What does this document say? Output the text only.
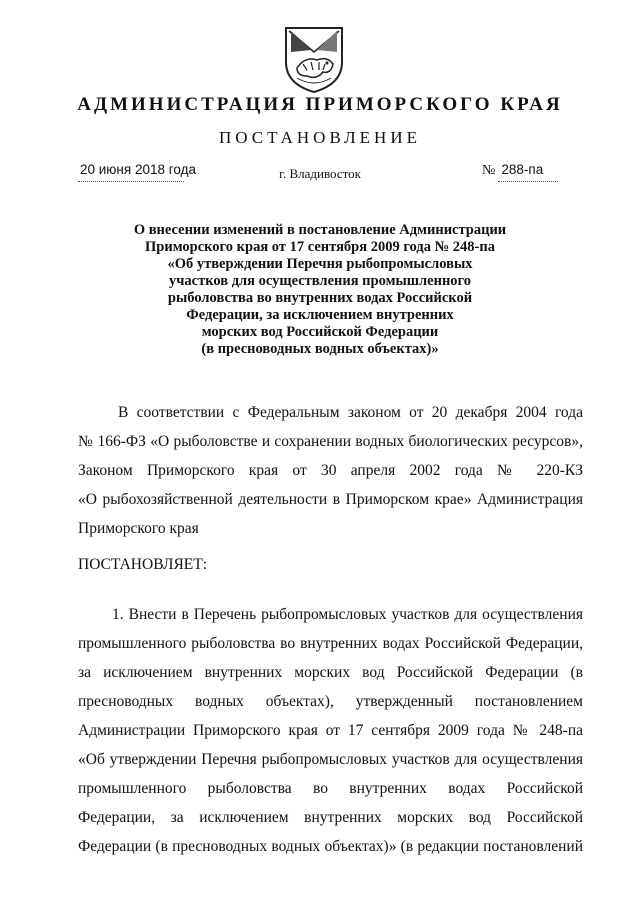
АДМИНИСТРАЦИЯ ПРИМОРСКОГО КРАЯ
ПОСТАНОВЛЕНИЕ
20 июня 2018 года	г. Владивосток	№ 288-па
О внесении изменений в постановление Администрации
Приморского края от 17 сентября 2009 года № 248-па
«Об утверждении Перечня рыбопромысловых
участков для осуществления промышленного
рыболовства во внутренних водах Российской
Федерации, за исключением внутренних
морских вод Российской Федерации
(в пресноводных водных объектах)»
В соответствии с Федеральным законом от 20 декабря 2004 года
№ 166-ФЗ «О рыболовстве и сохранении водных биологических ресурсов»,
Законом Приморского края от 30 апреля 2002 года № 220-КЗ
«О рыбохозяйственной деятельности в Приморском крае» Администрация
Приморского края
ПОСТАНОВЛЯЕТ:
1. Внести в Перечень рыбопромысловых участков для осуществления
промышленного рыболовства во внутренних водах Российской Федерации,
за исключением внутренних морских вод Российской Федерации (в
пресноводных водных объектах), утвержденный постановлением
Администрации Приморского края от 17 сентября 2009 года № 248-па
«Об утверждении Перечня рыбопромысловых участков для осуществления
промышленного рыболовства во внутренних водах Российской
Федерации, за исключением внутренних морских вод Российской
Федерации (в пресноводных водных объектах)» (в редакции постановлений
